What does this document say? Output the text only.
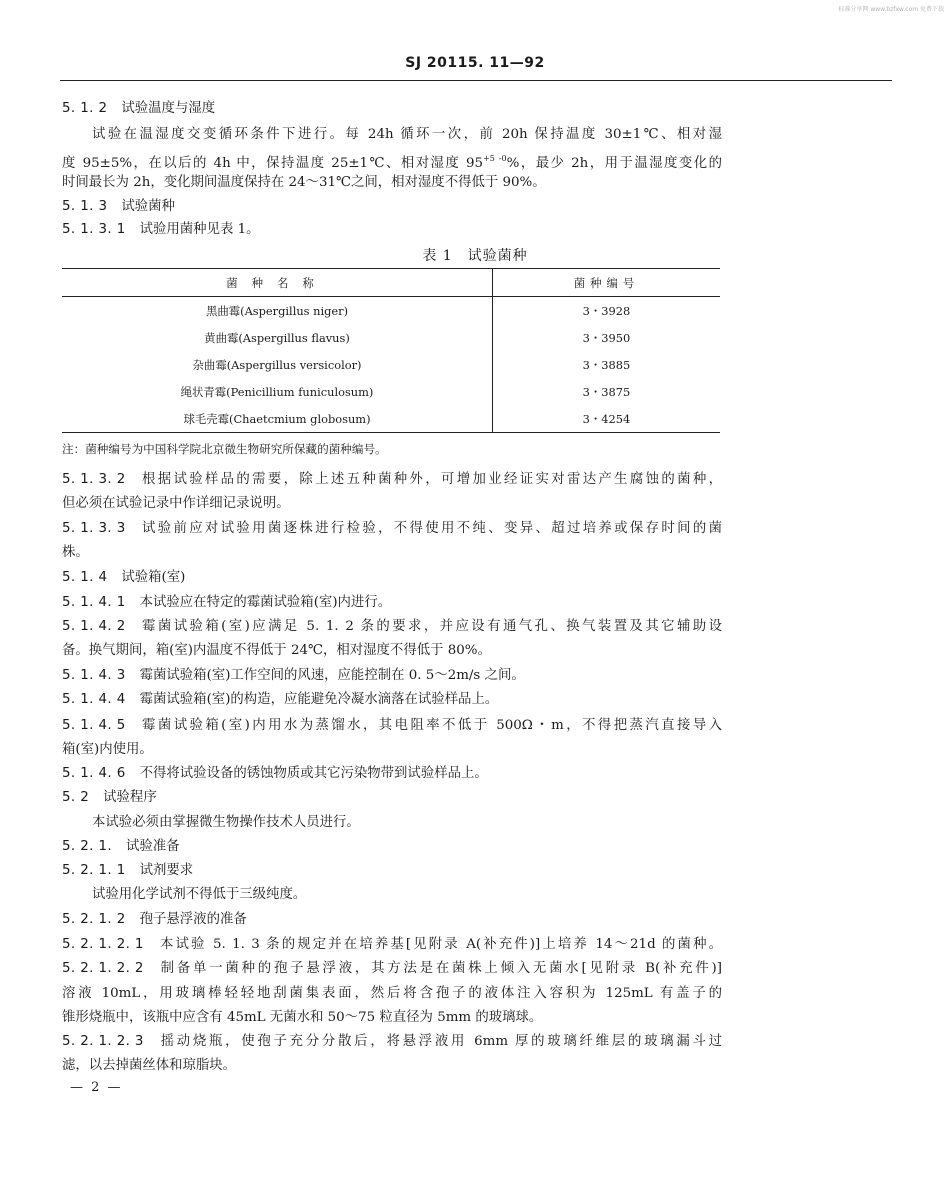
标准分享网 www.bzfxw.com 免费下载
SJ 20115. 11—92
5. 1. 2 试验温度与湿度
试验在温湿度交变循环条件下进行。每 24h 循环一次，前 20h 保持温度 30±1℃、相对湿
度 95±5%，在以后的 4h 中，保持温度 25±1℃、相对湿度 $95^{+5 -0}\%$，最少 2h，用于温湿度变化的
时间最长为 2h，变化期间温度保持在 24～31℃之间，相对湿度不得低于 90%。
5. 1. 3 试验菌种
5. 1. 3. 1 试验用菌种见表 1。
表 1　试验菌种
菌种名称	菌种编号
黑曲霉(Aspergillus niger)	3・3928
黄曲霉(Aspergillus flavus)	3・3950
杂曲霉(Aspergillus versicolor)	3・3885
绳状青霉(Penicillium funiculosum)	3・3875
球毛壳霉(Chaetcmium globosum)	3・4254
注：菌种编号为中国科学院北京微生物研究所保藏的菌种编号。
5. 1. 3. 2 根据试验样品的需要，除上述五种菌种外，可增加业经证实对雷达产生腐蚀的菌种，
但必须在试验记录中作详细记录说明。
5. 1. 3. 3 试验前应对试验用菌逐株进行检验，不得使用不纯、变异、超过培养或保存时间的菌
株。
5. 1. 4 试验箱(室)
5. 1. 4. 1 本试验应在特定的霉菌试验箱(室)内进行。
5. 1. 4. 2 霉菌试验箱(室)应满足 5. 1. 2 条的要求，并应设有通气孔、换气装置及其它辅助设
备。换气期间，箱(室)内温度不得低于 24℃，相对湿度不得低于 80%。
5. 1. 4. 3 霉菌试验箱(室)工作空间的风速，应能控制在 0. 5～2m/s 之间。
5. 1. 4. 4 霉菌试验箱(室)的构造，应能避免冷凝水滴落在试验样品上。
5. 1. 4. 5 霉菌试验箱(室)内用水为蒸馏水，其电阻率不低于 500Ω・m，不得把蒸汽直接导入
箱(室)内使用。
5. 1. 4. 6 不得将试验设备的锈蚀物质或其它污染物带到试验样品上。
5. 2 试验程序
本试验必须由掌握微生物操作技术人员进行。
5. 2. 1. 试验准备
5. 2. 1. 1 试剂要求
试验用化学试剂不得低于三级纯度。
5. 2. 1. 2 孢子悬浮液的准备
5. 2. 1. 2. 1 本试验 5. 1. 3 条的规定并在培养基[见附录 A(补充件)]上培养 14～21d 的菌种。
5. 2. 1. 2. 2 制备单一菌种的孢子悬浮液，其方法是在菌株上倾入无菌水[见附录 B(补充件)]
溶液 10mL，用玻璃棒轻轻地刮菌集表面，然后将含孢子的液体注入容积为 125mL 有盖子的
锥形烧瓶中，该瓶中应含有 45mL 无菌水和 50～75 粒直径为 5mm 的玻璃球。
5. 2. 1. 2. 3 摇动烧瓶，使孢子充分分散后，将悬浮液用 6mm 厚的玻璃纤维层的玻璃漏斗过
滤，以去掉菌丝体和琼脂块。
— 2 —
